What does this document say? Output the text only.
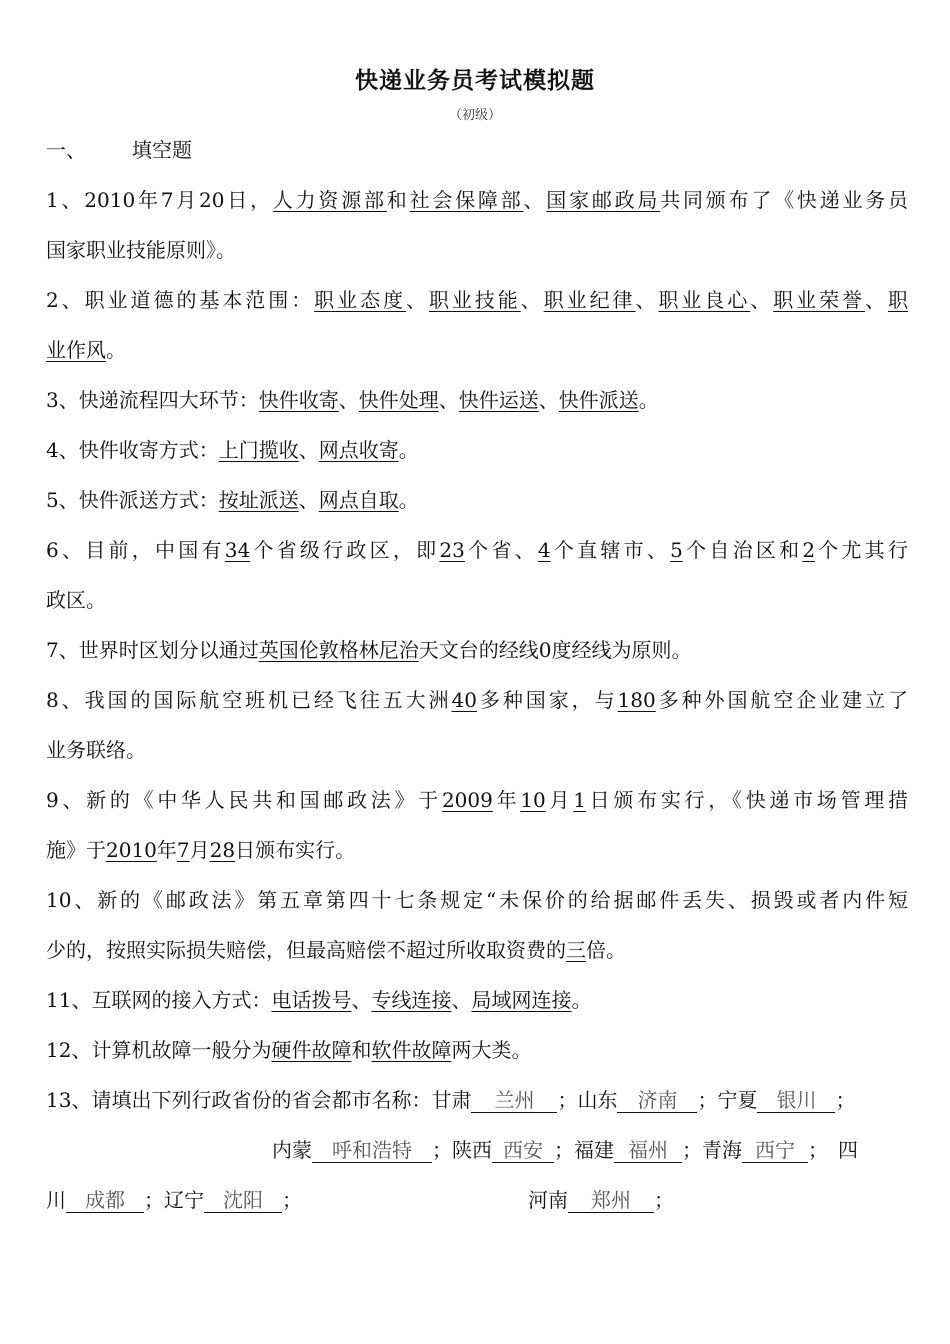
快递业务员考试模拟题
（初级）
一、 填空题
1、2010年7月20日，人力资源部和社会保障部、国家邮政局共同颁布了《快递业务员
国家职业技能原则》。
2、职业道德的基本范围：职业态度、职业技能、职业纪律、职业良心、职业荣誉、职
业作风。
3、快递流程四大环节：快件收寄、快件处理、快件运送、快件派送。
4、快件收寄方式：上门揽收、网点收寄。
5、快件派送方式：按址派送、网点自取。
6、目前，中国有34个省级行政区，即23个省、4个直辖市、5个自治区和2个尤其行
政区。
7、世界时区划分以通过英国伦敦格林尼治天文台的经线0度经线为原则。
8、我国的国际航空班机已经飞往五大洲40多种国家，与180多种外国航空企业建立了
业务联络。
9、新的《中华人民共和国邮政法》于2009年10月1日颁布实行，《快递市场管理措
施》于2010年7月28日颁布实行。
10、新的《邮政法》第五章第四十七条规定“未保价的给据邮件丢失、损毁或者内件短
少的，按照实际损失赔偿，但最高赔偿不超过所收取资费的三倍。
11、互联网的接入方式：电话拨号、专线连接、局域网连接。
12、计算机故障一般分为硬件故障和软件故障两大类。
13、请填出下列行政省份的省会都市名称：甘肃 兰州 ；山东 济南 ；宁夏 银川 ；
内蒙 呼和浩特 ；陕西 西安 ；福建 福州 ；青海 西宁 ； 四
川 成都 ；辽宁 沈阳 ；	河南 郑州 ；
